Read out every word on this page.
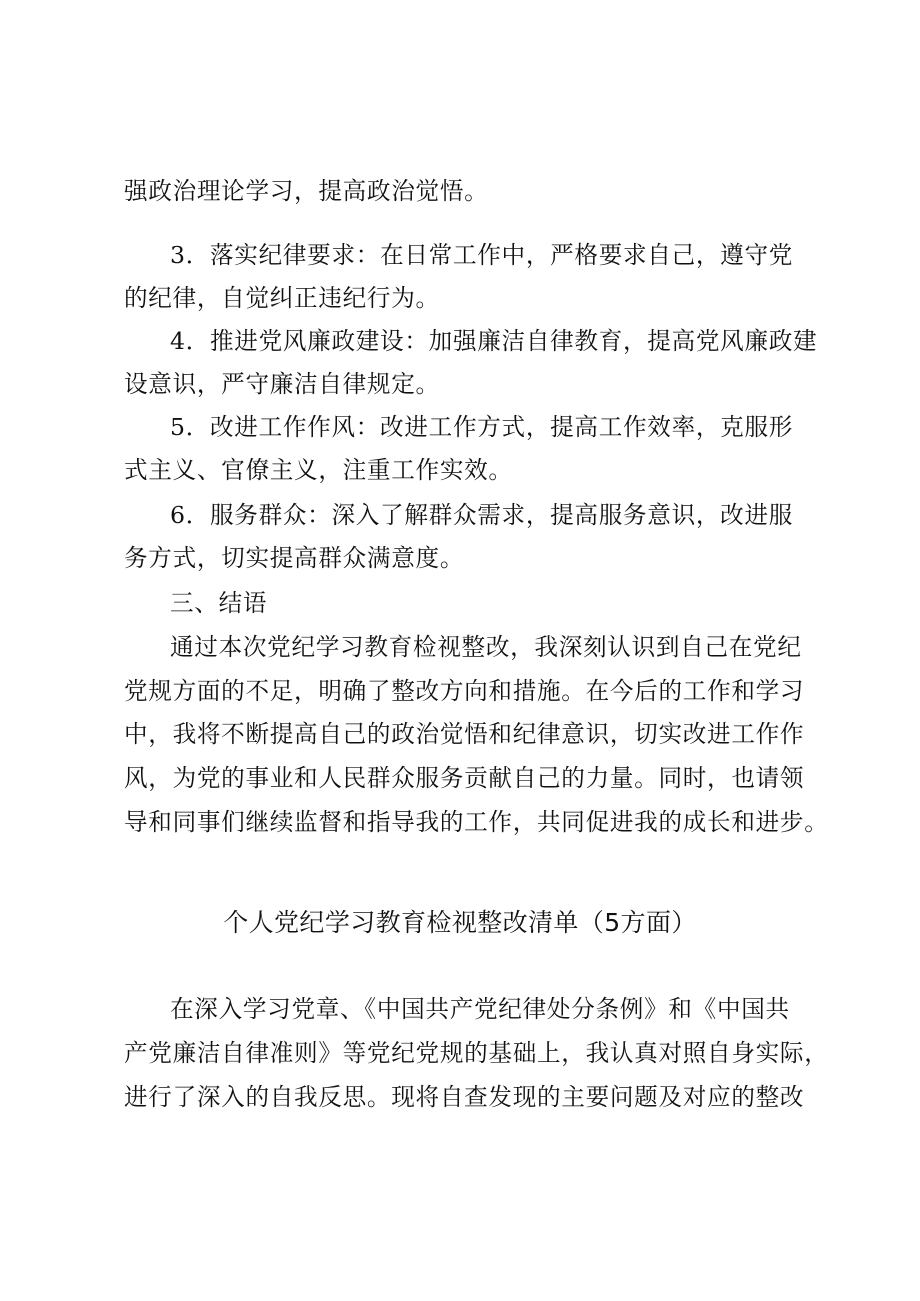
强政治理论学习，提高政治觉悟。
3．落实纪律要求：在日常工作中，严格要求自己，遵守党
的纪律，自觉纠正违纪行为。
4．推进党风廉政建设：加强廉洁自律教育，提高党风廉政建
设意识，严守廉洁自律规定。
5．改进工作作风：改进工作方式，提高工作效率，克服形
式主义、官僚主义，注重工作实效。
6．服务群众：深入了解群众需求，提高服务意识，改进服
务方式，切实提高群众满意度。
三、结语
通过本次党纪学习教育检视整改，我深刻认识到自己在党纪
党规方面的不足，明确了整改方向和措施。在今后的工作和学习
中，我将不断提高自己的政治觉悟和纪律意识，切实改进工作作
风，为党的事业和人民群众服务贡献自己的力量。同时，也请领
导和同事们继续监督和指导我的工作，共同促进我的成长和进步。
个人党纪学习教育检视整改清单（5方面）
在深入学习党章、《中国共产党纪律处分条例》和《中国共
产党廉洁自律准则》等党纪党规的基础上，我认真对照自身实际，
进行了深入的自我反思。现将自查发现的主要问题及对应的整改
